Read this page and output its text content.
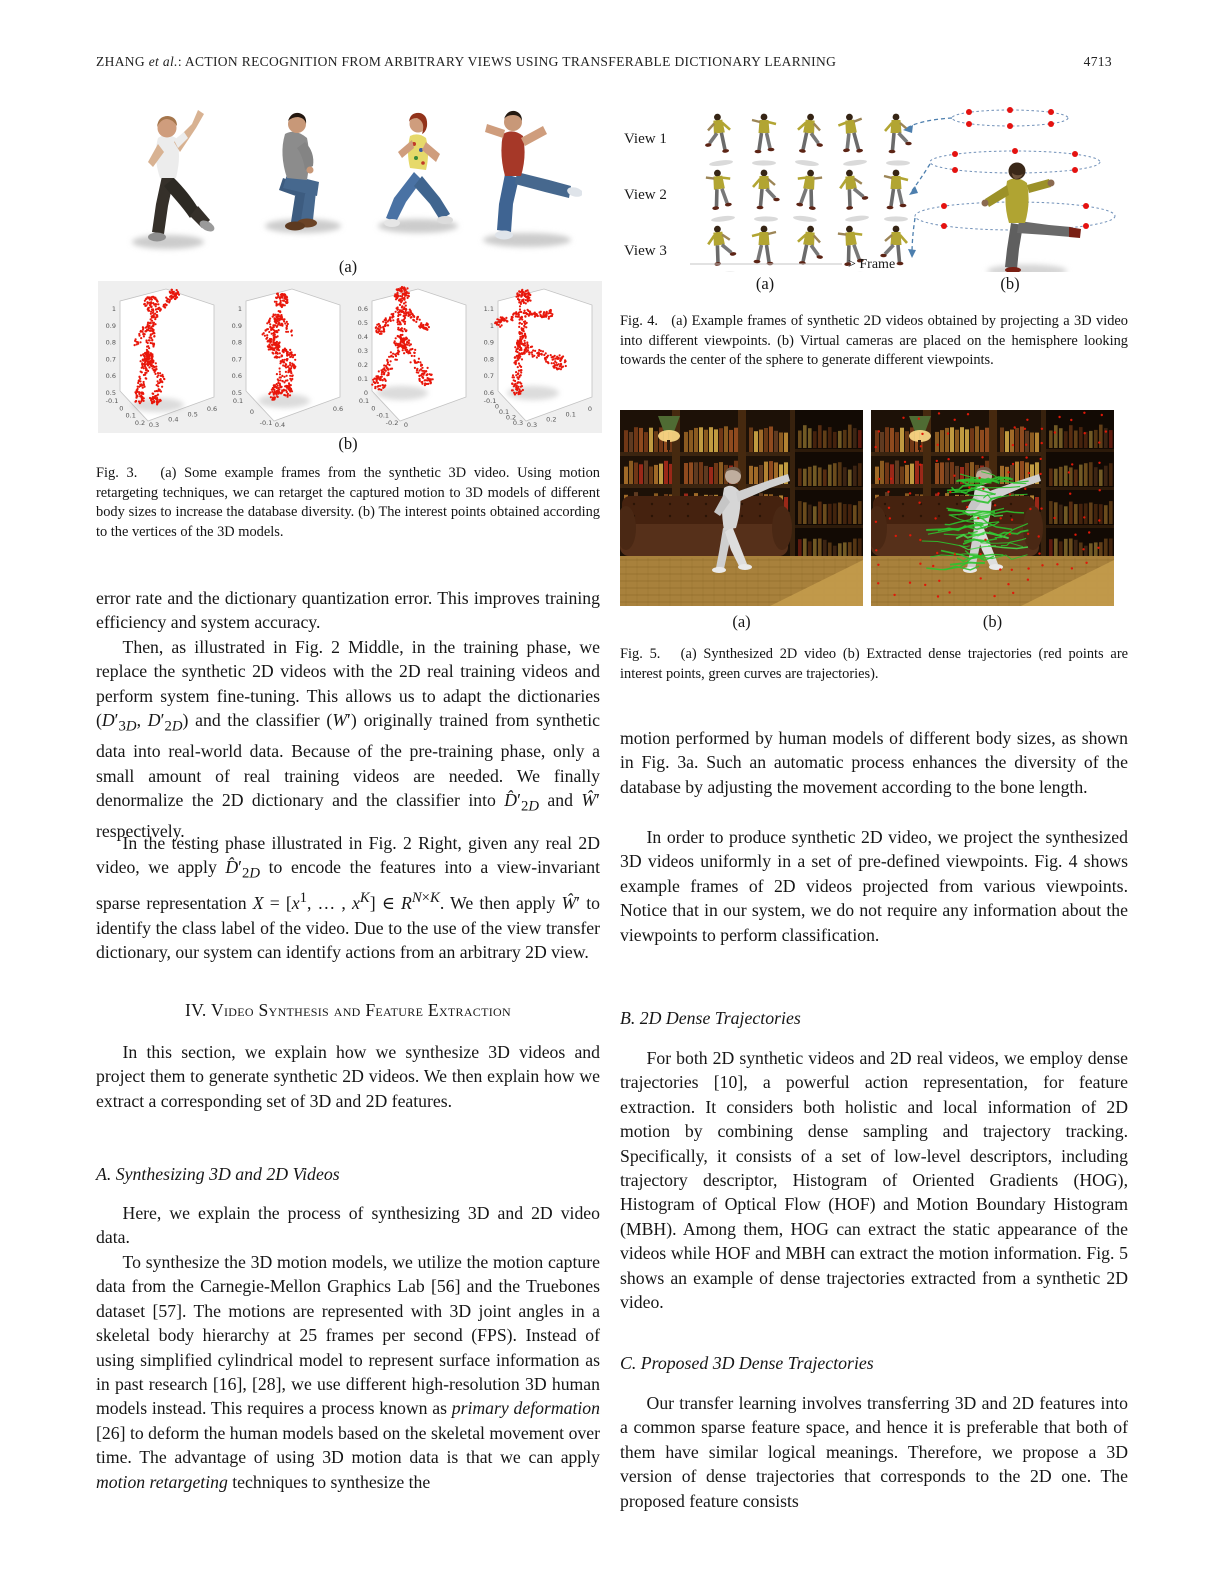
ZHANG et al.: ACTION RECOGNITION FROM ARBITRARY VIEWS USING TRANSFERABLE DICTIONARY LEARNING	4713
(a)
1
0.9
0.8
0.7
0.6
0.5
-0.1
0
0.1
0.2 0.3
0.4
0.5
0.6
1
0.9
0.8
0.7
0.6
0.5
0.1
0
-0.1 0.4
0.6
0.6
0.5
0.4
0.3
0.2
0.1
0
0.1
0
-0.1
-0.2 0
1.1
1
0.9
0.8
0.7
0.6
-0.1
0
0.1
0.2
0.3 0.3
0.2
0.1
0
(b)
Fig. 3.   (a) Some example frames from the synthetic 3D video. Using motion retargeting techniques, we can retarget the captured motion to 3D models of different body sizes to increase the database diversity. (b) The interest points obtained according to the vertices of the 3D models.
error rate and the dictionary quantization error. This improves training efficiency and system accuracy.
Then, as illustrated in Fig. 2 Middle, in the training phase, we replace the synthetic 2D videos with the 2D real training videos and perform system fine-tuning. This allows us to adapt the dictionaries ($D'_{3D}$, $D'_{2D}$) and the classifier (W′) originally trained from synthetic data into real-world data. Because of the pre-training phase, only a small amount of real training videos are needed. We finally denormalize the 2D dictionary and the classifier into $D̂'_{2D}$ and Ŵ′ respectively.
In the testing phase illustrated in Fig. 2 Right, given any real 2D video, we apply $D̂'_{2D}$ to encode the features into a view-invariant sparse representation $X = [x^1$, … , $x^K$] ∈ $R^{N\times K}$. We then apply Ŵ′ to identify the class label of the video. Due to the use of the view transfer dictionary, our system can identify actions from an arbitrary 2D view.
IV. Video Synthesis and Feature Extraction
In this section, we explain how we synthesize 3D videos and project them to generate synthetic 2D videos. We then explain how we extract a corresponding set of 3D and 2D features.
A. Synthesizing 3D and 2D Videos
Here, we explain the process of synthesizing 3D and 2D video data.
To synthesize the 3D motion models, we utilize the motion capture data from the Carnegie-Mellon Graphics Lab [56] and the Truebones dataset [57]. The motions are represented with 3D joint angles in a skeletal body hierarchy at 25 frames per second (FPS). Instead of using simplified cylindrical model to represent surface information as in past research [16], [28], we use different high-resolution 3D human models instead. This requires a process known as primary deformation [26] to deform the human models based on the skeletal movement over time. The advantage of using 3D motion data is that we can apply motion retargeting techniques to synthesize the
View 1
View 2
View 3
> Frame
(a)	(b)
Fig. 4.   (a) Example frames of synthetic 2D videos obtained by projecting a 3D video into different viewpoints. (b) Virtual cameras are placed on the hemisphere looking towards the center of the sphere to generate different viewpoints.
(a)	(b)
Fig. 5.   (a) Synthesized 2D video (b) Extracted dense trajectories (red points are interest points, green curves are trajectories).
motion performed by human models of different body sizes, as shown in Fig. 3a. Such an automatic process enhances the diversity of the database by adjusting the movement according to the bone length.
In order to produce synthetic 2D video, we project the synthesized 3D videos uniformly in a set of pre-defined viewpoints. Fig. 4 shows example frames of 2D videos projected from various viewpoints. Notice that in our system, we do not require any information about the viewpoints to perform classification.
B. 2D Dense Trajectories
For both 2D synthetic videos and 2D real videos, we employ dense trajectories [10], a powerful action representation, for feature extraction. It considers both holistic and local information of 2D motion by combining dense sampling and trajectory tracking. Specifically, it consists of a set of low-level descriptors, including trajectory descriptor, Histogram of Oriented Gradients (HOG), Histogram of Optical Flow (HOF) and Motion Boundary Histogram (MBH). Among them, HOG can extract the static appearance of the videos while HOF and MBH can extract the motion information. Fig. 5 shows an example of dense trajectories extracted from a synthetic 2D video.
C. Proposed 3D Dense Trajectories
Our transfer learning involves transferring 3D and 2D features into a common sparse feature space, and hence it is preferable that both of them have similar logical meanings. Therefore, we propose a 3D version of dense trajectories that corresponds to the 2D one. The proposed feature consists
